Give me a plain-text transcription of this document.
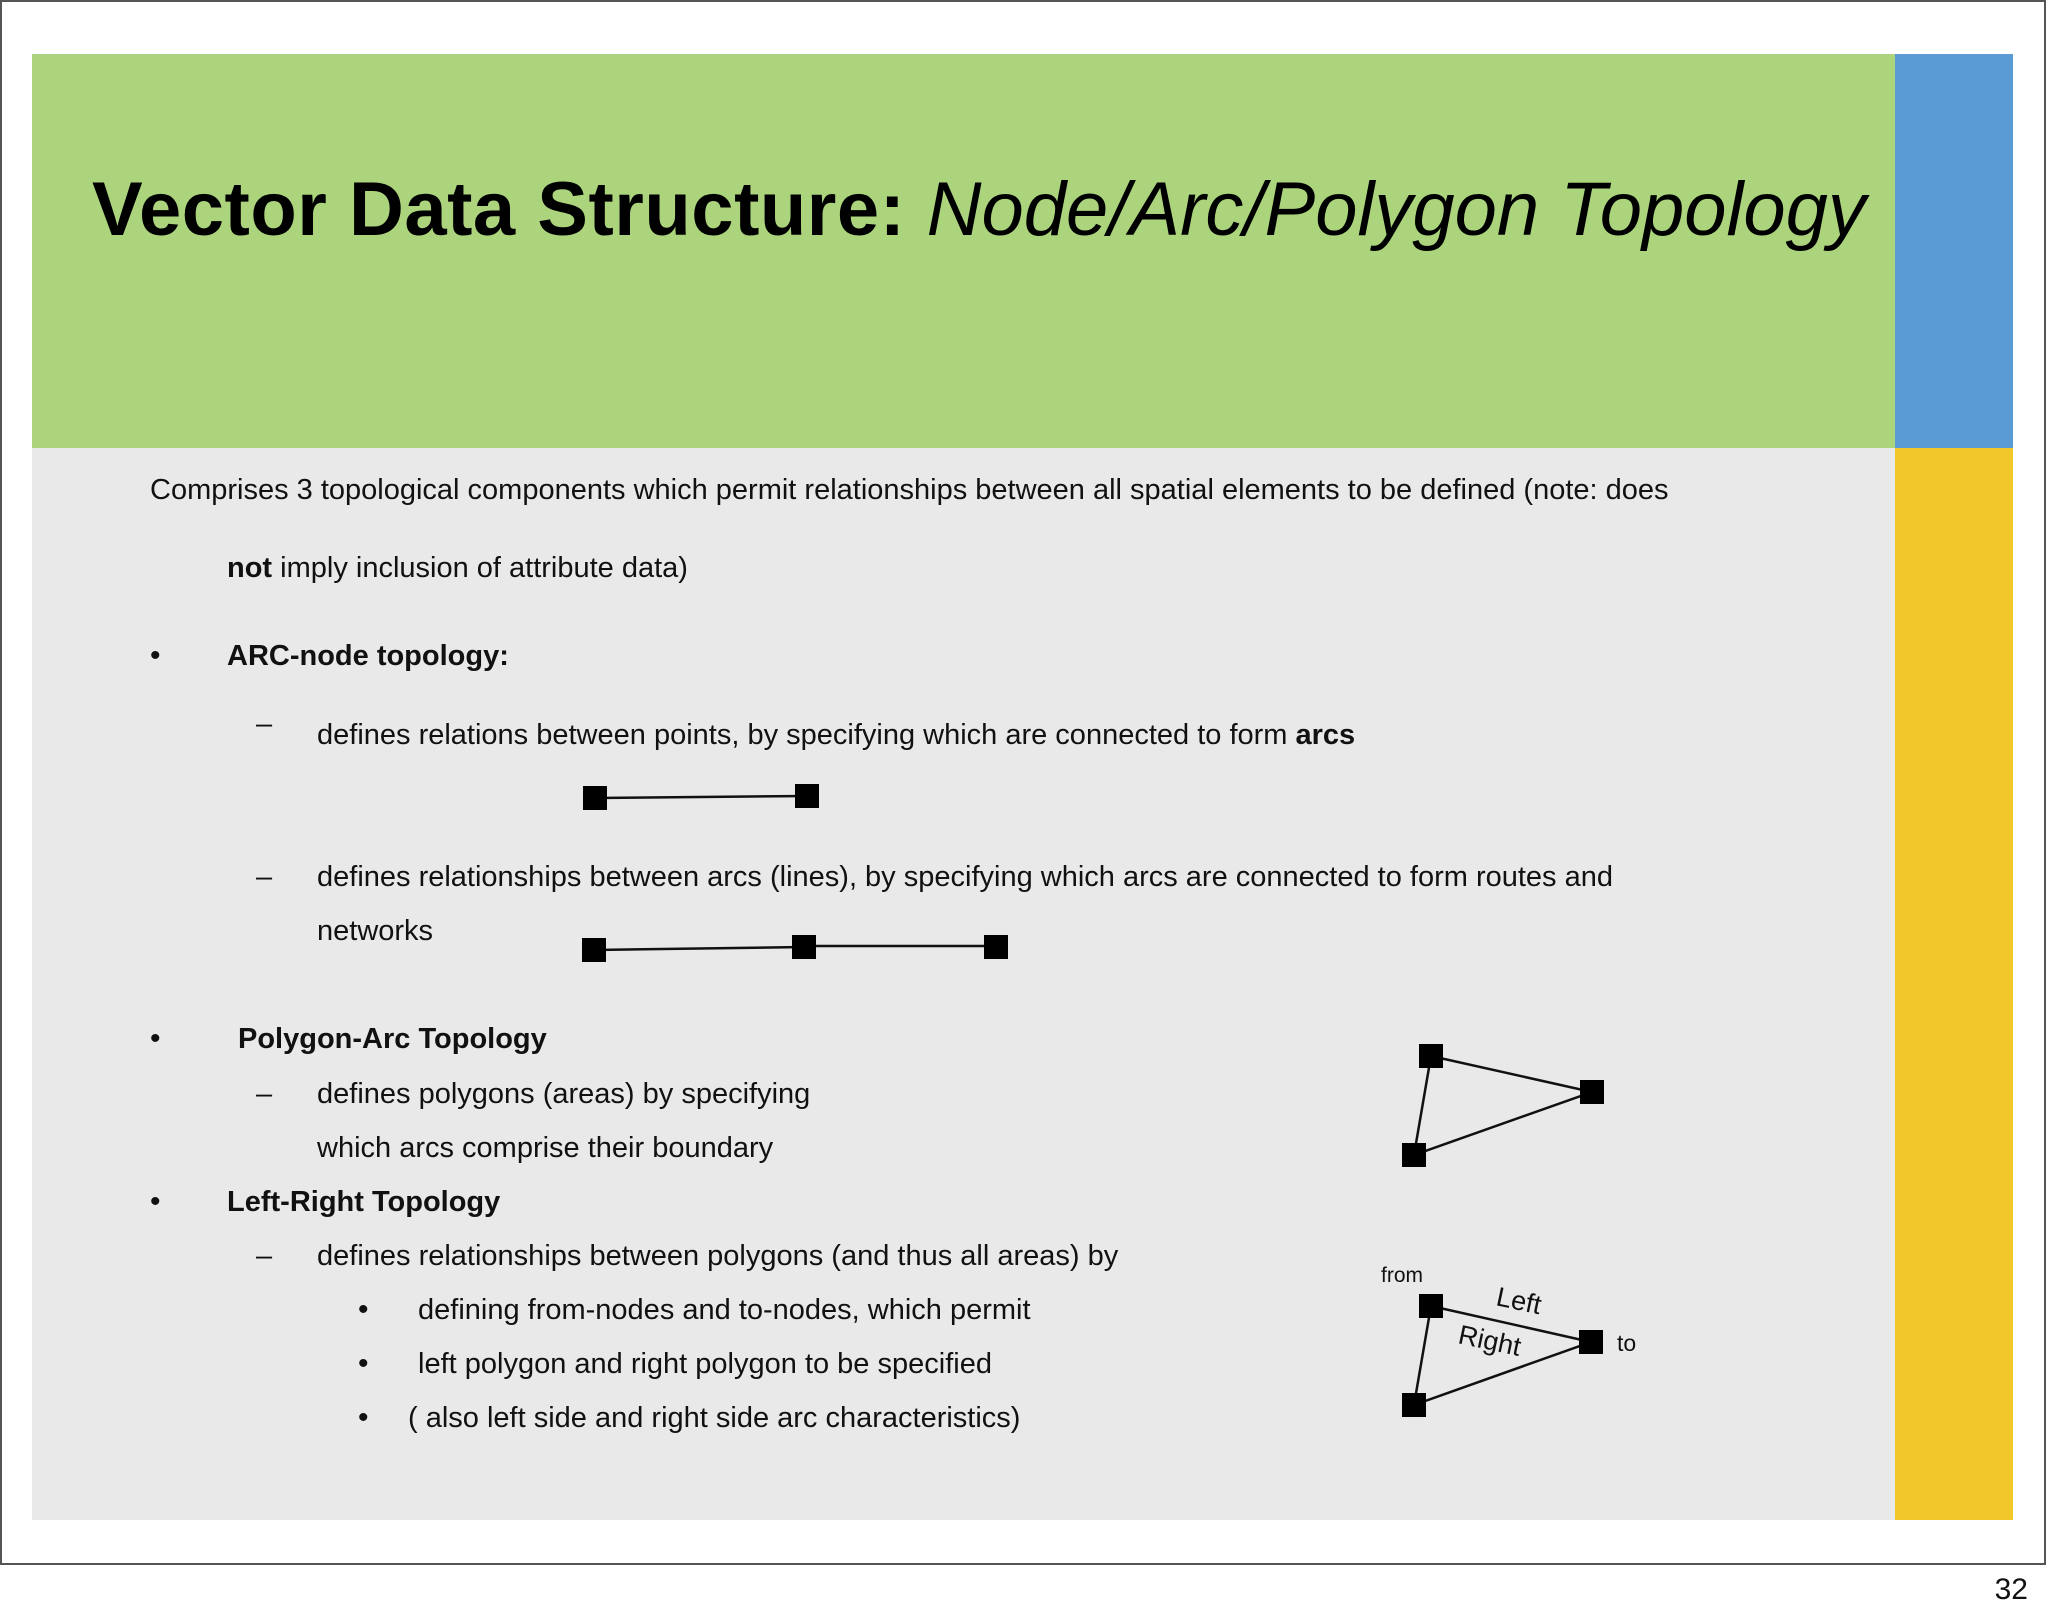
Vector Data Structure: Node/Arc/Polygon Topology
Comprises 3 topological components which permit relationships between all spatial elements to be defined (note: does
not imply inclusion of attribute data)
• ARC-node topology:
– defines relations between points, by specifying which are connected to form arcs
– defines relationships between arcs (lines), by specifying which arcs are connected to form routes and
networks
•	Polygon-Arc Topology
– defines polygons (areas) by specifying
which arcs comprise their boundary
• Left-Right Topology
– defines relationships between polygons (and thus all areas) by
• defining from-nodes and to-nodes, which permit
• left polygon and right polygon to be specified
• ( also left side and right side arc characteristics)
from
to
Left
Right
32
